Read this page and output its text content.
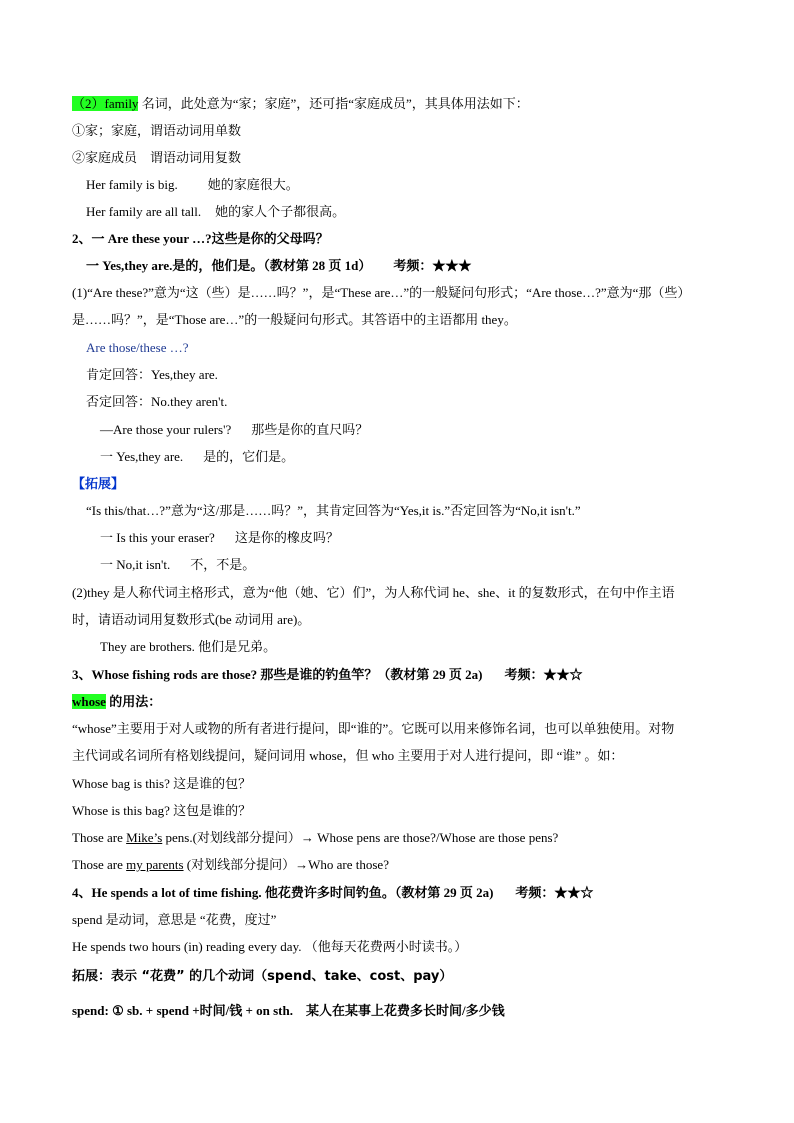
（2）family 名词，此处意为“家；家庭”，还可指“家庭成员”，其具体用法如下：
①家；家庭，谓语动词用单数
②家庭成员　谓语动词用复数
Her family is big. 她的家庭很大。
Her family are all tall. 她的家人个子都很高。
2、一 Are these your …?这些是你的父母吗？
一 Yes,they are.是的，他们是。（教材第 28 页 1d） 考频：★★★
(1)“Are these?”意为“这（些）是……吗？”，是“These are…”的一般疑问句形式；“Are those…?”意为“那（些）
是……吗？”，是“Those are…”的一般疑问句形式。其答语中的主语都用 they。
Are those/these …?
肯定回答：Yes,they are.
否定回答：No.they aren't.
—Are those your rulers'? 那些是你的直尺吗？
一 Yes,they are. 是的，它们是。
【拓展】
“Is this/that…?”意为“这/那是……吗？”，其肯定回答为“Yes,it is.”否定回答为“No,it isn't.”
一 Is this your eraser? 这是你的橡皮吗？
一 No,it isn't. 不，不是。
(2)they 是人称代词主格形式，意为“他（她、它）们”，为人称代词 he、she、it 的复数形式，在句中作主语
时，请语动词用复数形式(be 动词用 are)。
They are brothers. 他们是兄弟。
3、Whose fishing rods are those? 那些是谁的钓鱼竿？（教材第 29 页 2a) 考频：★★☆
whose 的用法：
“whose”主要用于对人或物的所有者进行提问，即“谁的”。它既可以用来修饰名词，也可以单独使用。对物
主代词或名词所有格划线提问，疑问词用 whose，但 who 主要用于对人进行提问，即 “谁” 。如：
Whose bag is this? 这是谁的包？
Whose is this bag? 这包是谁的？
Those are Mike’s pens.(对划线部分提问）→ Whose pens are those?/Whose are those pens?
Those are my parents (对划线部分提问）→Who are those?
4、He spends a lot of time fishing. 他花费许多时间钓鱼。（教材第 29 页 2a) 考频：★★☆
spend 是动词，意思是 “花费，度过”
He spends two hours (in) reading every day. （他每天花费两小时读书。）
拓展：表示 “花费” 的几个动词（spend、take、cost、pay）
spend: ① sb. + spend +时间/钱 + on sth.　某人在某事上花费多长时间/多少钱
